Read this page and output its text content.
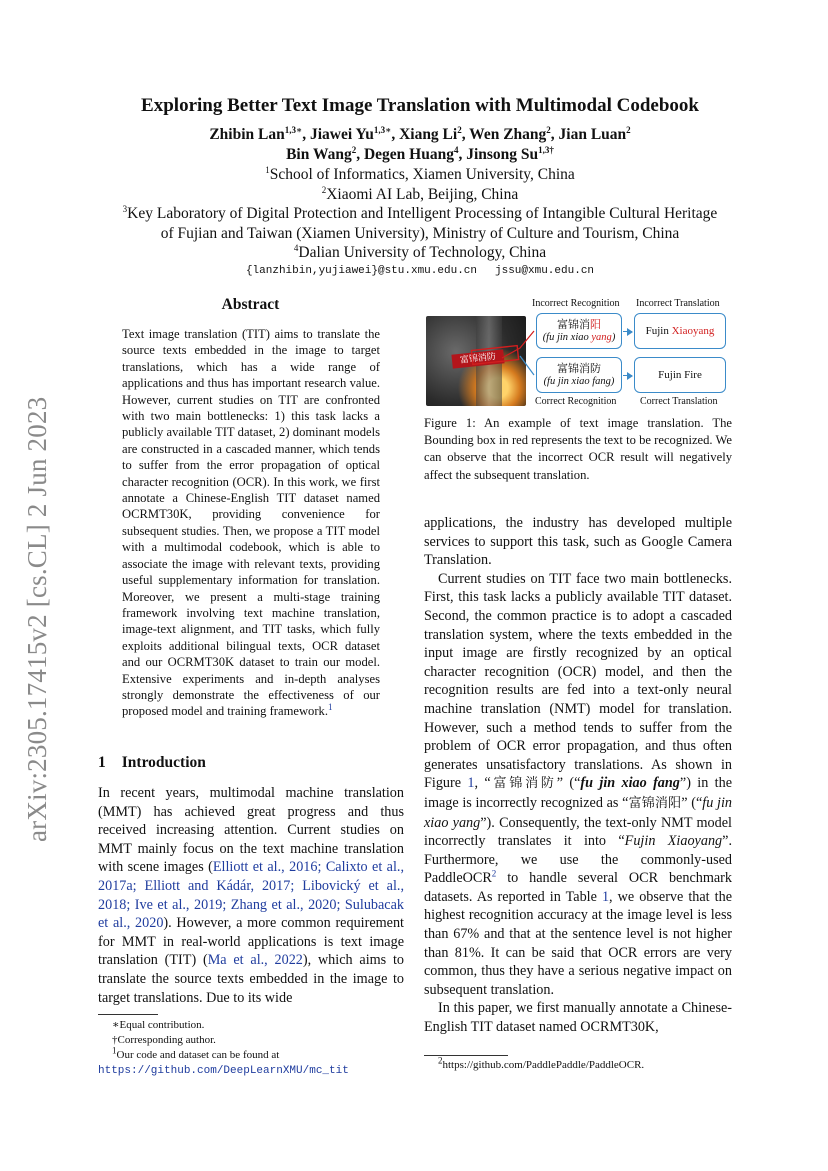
arXiv:2305.17415v2 [cs.CL] 2 Jun 2023
Exploring Better Text Image Translation with Multimodal Codebook
Zhibin Lan$^{1,3∗}$, Jiawei $Yu^{1,3∗}$, Xiang Li$^2$, Wen Zhang$^2$, Jian Luan$^2$
Bin Wang$^2$, Degen Huang$^4$, Jinsong $Su^{1,3\dagger}$
$^1$School of Informatics, Xiamen University, China
$^2$Xiaomi AI Lab, Beijing, China
$^3$Key Laboratory of Digital Protection and Intelligent Processing of Intangible Cultural Heritage
of Fujian and Taiwan (Xiamen University), Ministry of Culture and Tourism, China
$^4$Dalian University of Technology, China
{lanzhibin,yujiawei}@stu.xmu.edu.cn jssu@xmu.edu.cn
Abstract
Text image translation (TIT) aims to translate the source texts embedded in the image to target translations, which has a wide range of applications and thus has important research value. However, current studies on TIT are confronted with two main bottlenecks: 1) this task lacks a publicly available TIT dataset, 2) dominant models are constructed in a cascaded manner, which tends to suffer from the error propagation of optical character recognition (OCR). In this work, we first annotate a Chinese-English TIT dataset named OCRMT30K, providing convenience for subsequent studies. Then, we propose a TIT model with a multimodal codebook, which is able to associate the image with relevant texts, providing useful supplementary information for translation. Moreover, we present a multi-stage training framework involving text machine translation, image-text alignment, and TIT tasks, which fully exploits additional bilingual texts, OCR dataset and our OCRMT30K dataset to train our model. Extensive experiments and in-depth analyses strongly demonstrate the effectiveness of our proposed model and training framework.$^1$
1 Introduction
In recent years, multimodal machine translation (MMT) has achieved great progress and thus received increasing attention. Current studies on MMT mainly focus on the text machine translation with scene images (Elliott et al., 2016; Calixto et al., 2017a; Elliott and Kádár, 2017; Libovický et al., 2018; Ive et al., 2019; Zhang et al., 2020; Sulubacak et al., 2020). However, a more common requirement for MMT in real-world applications is text image translation (TIT) (Ma et al., 2022), which aims to translate the source texts embedded in the image to target translations. Due to its wide
∗Equal contribution.
†Corresponding author.
$^1$Our code and dataset can be found at https://github.com/DeepLearnXMU/mc_tit
富锦消防
Incorrect Recognition Incorrect Translation
Correct Recognition Correct Translation
富锦消阳
(fu jin xiao yang)
Fujin Xiaoyang
富锦消防
(fu jin xiao fang)
Fujin Fire
Figure 1: An example of text image translation. The Bounding box in red represents the text to be recognized. We can observe that the incorrect OCR result will negatively affect the subsequent translation.

applications, the industry has developed multiple services to support this task, such as Google Camera Translation.

Current studies on TIT face two main bottlenecks. First, this task lacks a publicly available TIT dataset. Second, the common practice is to adopt a cascaded translation system, where the texts embedded in the input image are firstly recognized by an optical character recognition (OCR) model, and then the recognition results are fed into a text-only neural machine translation (NMT) model for translation. However, such a method tends to suffer from the problem of OCR error propagation, and thus often generates unsatisfactory translations. As shown in Figure 1, “富锦消防” (“fu jin xiao fang”) in the image is incorrectly recognized as “富锦消阳” (“fu jin xiao yang”). Consequently, the text-only NMT model incorrectly translates it into “Fujin Xiaoyang”. Furthermore, we use the commonly-used PaddleOCR$^2$ to handle several OCR benchmark datasets. As reported in Table 1, we observe that the highest recognition accuracy at the image level is less than 67% and that at the sentence level is not higher than 81%. It can be said that OCR errors are very common, thus they have a serious negative impact on subsequent translation.

In this paper, we first manually annotate a Chinese-English TIT dataset named OCRMT30K,

$^2$https://github.com/PaddlePaddle/PaddleOCR.
